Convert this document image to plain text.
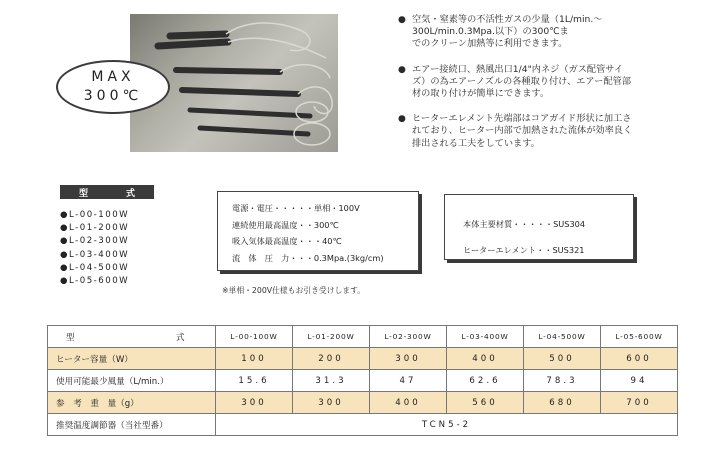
MAX
300℃
● 空気・窒素等の不活性ガスの少量（1L/min.～
300L/min.0.3Mpa.以下）の300℃ま
でのクリーン加熱等に利用できます。
● エアー接続口、熱風出口1/4"内ネジ（ガス配管サイ
ズ）の為エアーノズルの各種取り付け、エアー配管部
材の取り付けが簡単にできます。
● ヒーターエレメント先端部はコアガイド形状に加工さ
れており、ヒーター内部で加熱された流体が効率良く
排出される工夫をしています。
型	式
●L-00-100W
●L-01-200W
●L-02-300W
●L-03-400W
●L-04-500W
●L-05-600W
電源・電圧・・・・・単相・100V
連続使用最高温度・・300℃
吸入気体最高温度・・・40℃
流　体　圧　力・・・0.3Mpa.(3kg/cm)
本体主要材質・・・・・SUS304
ヒーターエレメント・・SUS321
※単相・200V仕様もお引き受けします。
型 式	L-00-100W	L-01-200W	L-02-300W	L-03-400W	L-04-500W	L-05-600W
ヒーター容量（W）	100	200	300	400	500	600
使用可能最少風量（L/min.）	15.6	31.3	47	62.6	78.3	94
参　考　重　量（g）	300	300	400	560	680	700
推奨温度調節器（当社型番）	TCN5-2					
